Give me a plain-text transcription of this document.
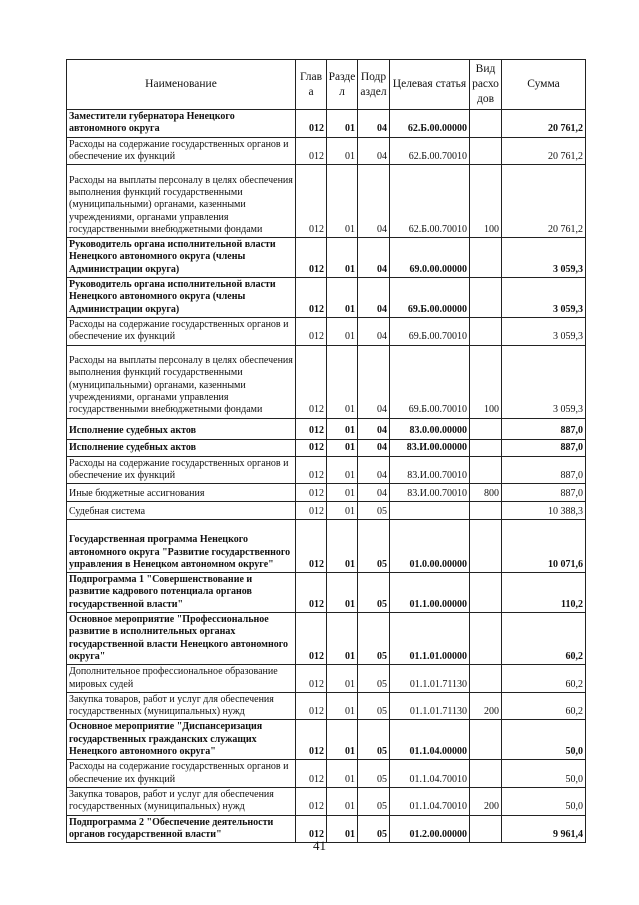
Наименование	Глав а	Разде л	Подр аздел	Целевая статья	Вид расхо дов	Сумма
Заместители губернатора Ненецкого автономного округа	012	01	04	62.Б.00.00000		20 761,2
Расходы на содержание государственных органов и обеспечение их функций	012	01	04	62.Б.00.70010		20 761,2
Расходы на выплаты персоналу в целях обеспечения выполнения функций государственными (муниципальными) органами, казенными учреждениями, органами управления государственными внебюджетными фондами	012	01	04	62.Б.00.70010	100	20 761,2
Руководитель органа исполнительной власти Ненецкого автономного округа (члены Администрации округа)	012	01	04	69.0.00.00000		3 059,3
Руководитель органа исполнительной власти Ненецкого автономного округа (члены Администрации округа)	012	01	04	69.Б.00.00000		3 059,3
Расходы на содержание государственных органов и обеспечение их функций	012	01	04	69.Б.00.70010		3 059,3
Расходы на выплаты персоналу в целях обеспечения выполнения функций государственными (муниципальными) органами, казенными учреждениями, органами управления государственными внебюджетными фондами	012	01	04	69.Б.00.70010	100	3 059,3
Исполнение судебных актов	012	01	04	83.0.00.00000		887,0
Исполнение судебных актов	012	01	04	83.И.00.00000		887,0
Расходы на содержание государственных органов и обеспечение их функций	012	01	04	83.И.00.70010		887,0
Иные бюджетные ассигнования	012	01	04	83.И.00.70010	800	887,0
Судебная система	012	01	05			10 388,3
Государственная программа Ненецкого автономного округа "Развитие государственного управления в Ненецком автономном округе"	012	01	05	01.0.00.00000		10 071,6
Подпрограмма 1 "Совершенствование и развитие кадрового потенциала органов государственной власти"	012	01	05	01.1.00.00000		110,2
Основное мероприятие "Профессиональное развитие в исполнительных органах государственной власти Ненецкого автономного округа"	012	01	05	01.1.01.00000		60,2
Дополнительное профессиональное образование мировых судей	012	01	05	01.1.01.71130		60,2
Закупка товаров, работ и услуг для обеспечения государственных (муниципальных) нужд	012	01	05	01.1.01.71130	200	60,2
Основное мероприятие "Диспансеризация государственных гражданских служащих Ненецкого автономного округа"	012	01	05	01.1.04.00000		50,0
Расходы на содержание государственных органов и обеспечение их функций	012	01	05	01.1.04.70010		50,0
Закупка товаров, работ и услуг для обеспечения государственных (муниципальных) нужд	012	01	05	01.1.04.70010	200	50,0
Подпрограмма 2 "Обеспечение деятельности органов государственной власти"	012	01	05	01.2.00.00000		9 961,4
41
